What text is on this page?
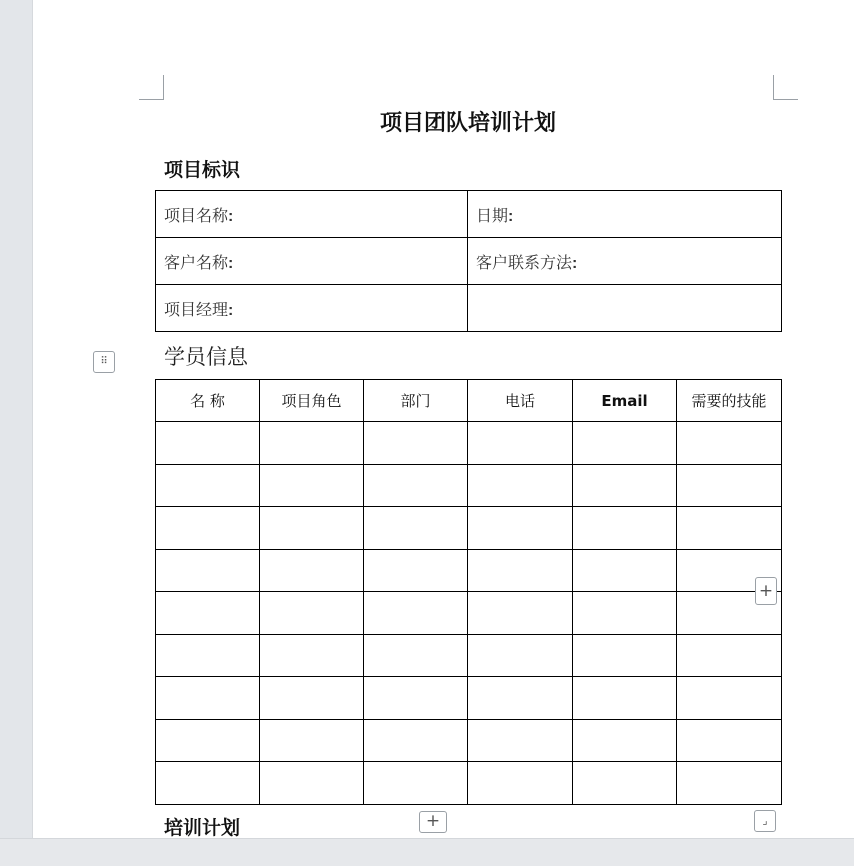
项目团队培训计划
项目标识
项目名称:	日期:
客户名称:	客户联系方法:
项目经理:	
学员信息
名 称	项目角色	部门	电话	Email	需要的技能

培训计划
⠿
+
+	⌟
